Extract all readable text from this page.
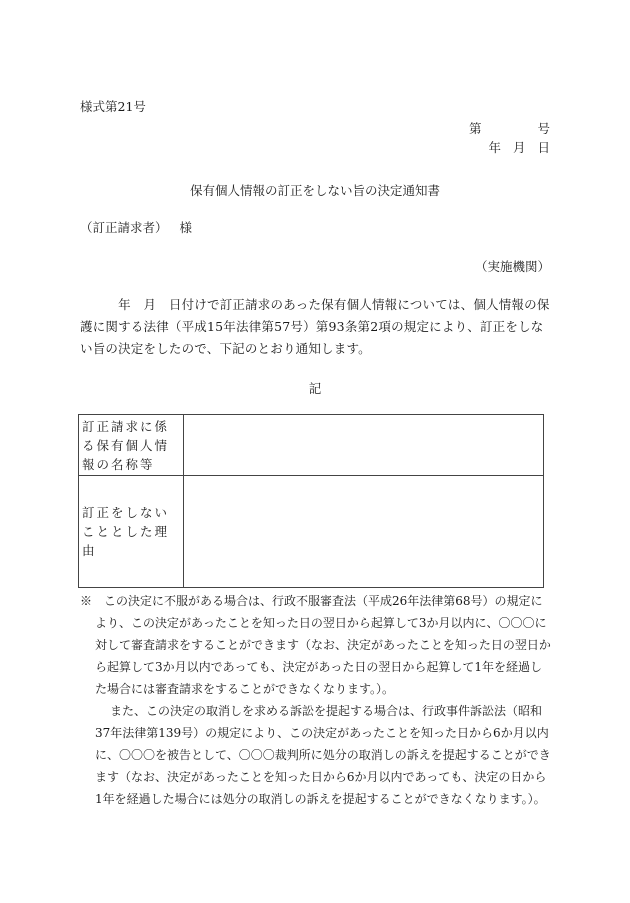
様式第21号
第	号
年 月 日
保有個人情報の訂正をしない旨の決定通知書
（訂正請求者） 様
（実施機関）
　　　年　月　日付けで訂正請求のあった保有個人情報については、個人情報の保護に関する法律（平成15年法律第57号）第93条第2項の規定により、訂正をしない旨の決定をしたので、下記のとおり通知します。
記
訂正請求に係る保有個人情報の名称等	
訂正をしないこととした理由	

※　この決定に不服がある場合は、行政不服審査法（平成26年法律第68号）の規定により、この決定があったことを知った日の翌日から起算して3か月以内に、〇〇〇に対して審査請求をすることができます（なお、決定があったことを知った日の翌日から起算して3か月以内であっても、決定があった日の翌日から起算して1年を経過した場合には審査請求をすることができなくなります。）。

また、この決定の取消しを求める訴訟を提起する場合は、行政事件訴訟法（昭和37年法律第139号）の規定により、この決定があったことを知った日から6か月以内に、〇〇〇を被告として、〇〇〇裁判所に処分の取消しの訴えを提起することができます（なお、決定があったことを知った日から6か月以内であっても、決定の日から1年を経過した場合には処分の取消しの訴えを提起することができなくなります。）。
